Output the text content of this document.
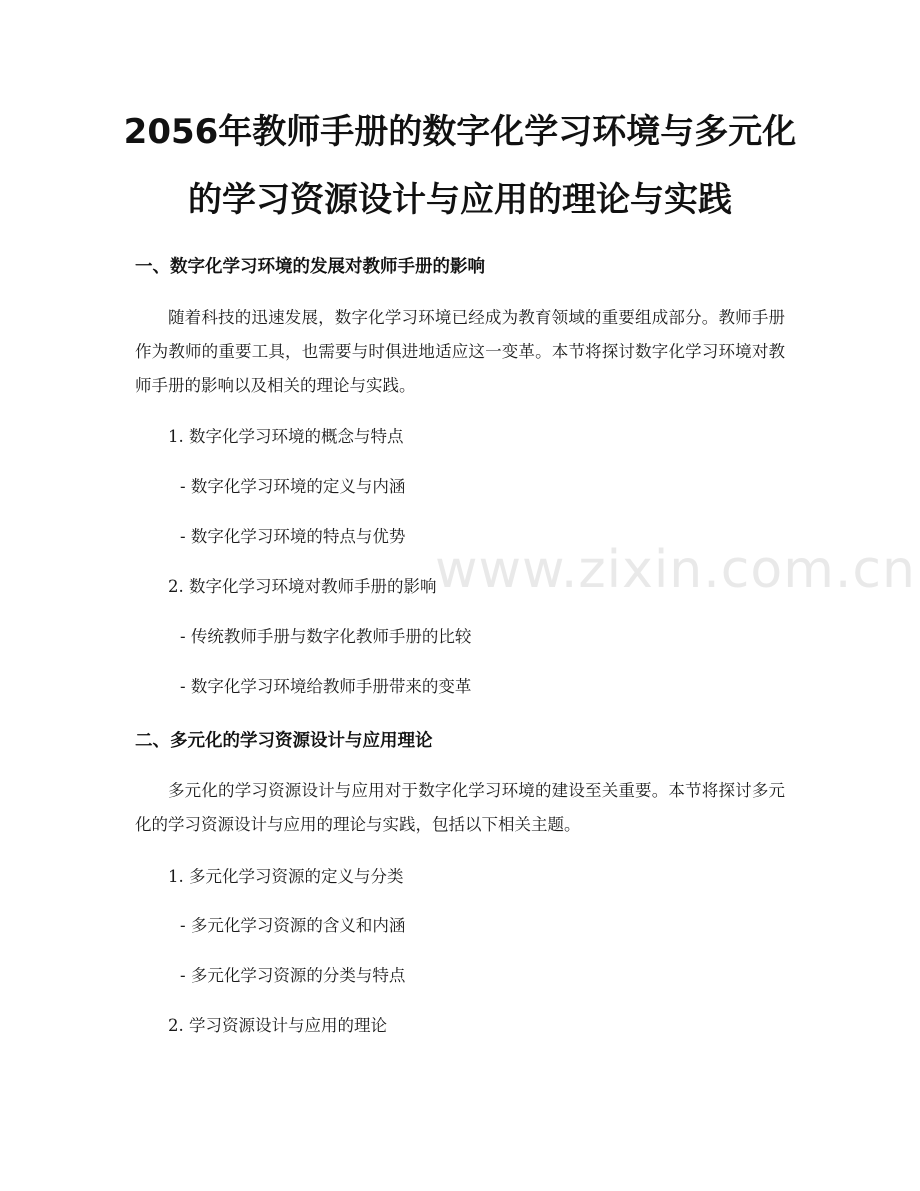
www.zixin.com.cn
2056年教师手册的数字化学习环境与多元化
的学习资源设计与应用的理论与实践
一、数字化学习环境的发展对教师手册的影响

随着科技的迅速发展，数字化学习环境已经成为教育领域的重要组成部分。教师手册作为教师的重要工具，也需要与时俱进地适应这一变革。本节将探讨数字化学习环境对教师手册的影响以及相关的理论与实践。

1. 数字化学习环境的概念与特点

- 数字化学习环境的定义与内涵

- 数字化学习环境的特点与优势

2. 数字化学习环境对教师手册的影响

- 传统教师手册与数字化教师手册的比较

- 数字化学习环境给教师手册带来的变革

二、多元化的学习资源设计与应用理论

多元化的学习资源设计与应用对于数字化学习环境的建设至关重要。本节将探讨多元化的学习资源设计与应用的理论与实践，包括以下相关主题。

1. 多元化学习资源的定义与分类

- 多元化学习资源的含义和内涵

- 多元化学习资源的分类与特点

2. 学习资源设计与应用的理论
